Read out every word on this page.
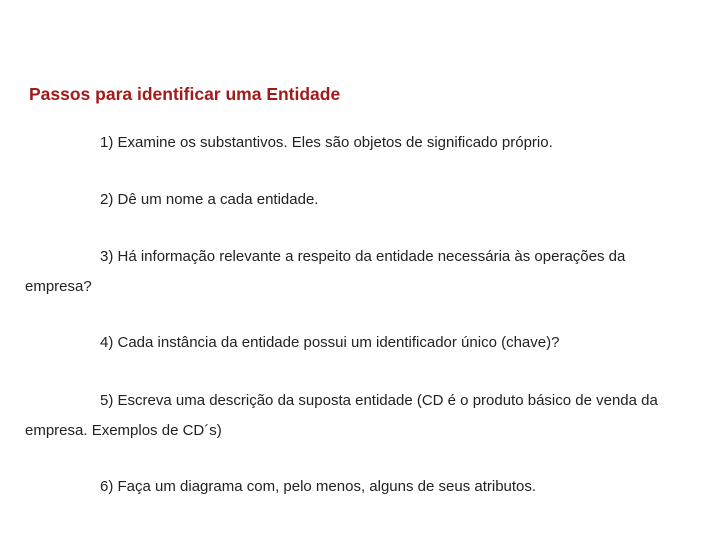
Passos para identificar uma Entidade

1) Examine os substantivos. Eles são objetos de significado próprio.

2) Dê um nome a cada entidade.

3) Há informação relevante a respeito da entidade necessária às operações da empresa?

4) Cada instância da entidade possui um identificador único (chave)?

5) Escreva uma descrição da suposta entidade (CD é o produto básico de venda da empresa. Exemplos de CD´s)

6) Faça um diagrama com, pelo menos, alguns de seus atributos.
